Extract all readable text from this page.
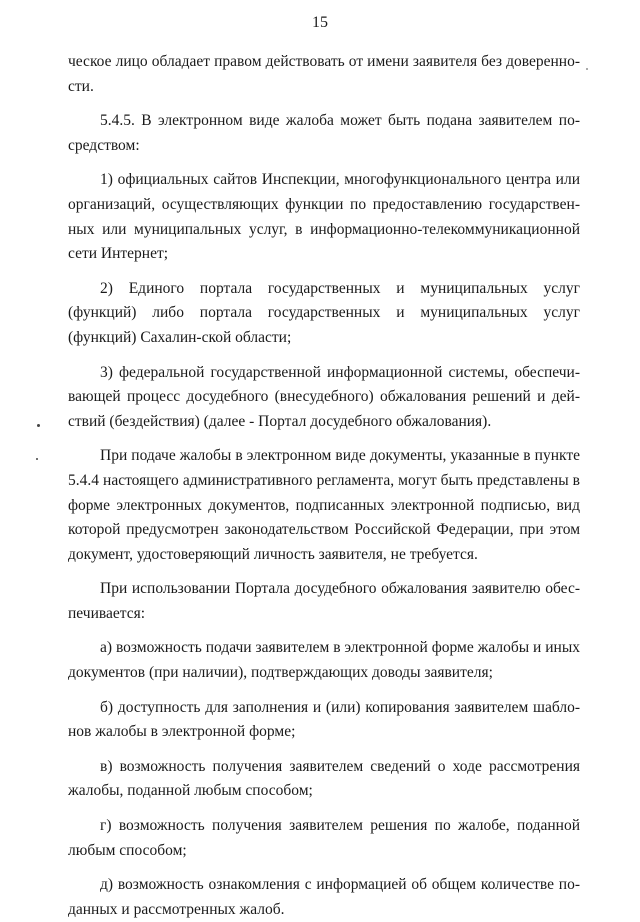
15

ческое лицо обладает правом действовать от имени заявителя без доверенно-сти.

5.4.5. В электронном виде жалоба может быть подана заявителем по-средством:

1) официальных сайтов Инспекции, многофункционального центра или организаций, осуществляющих функции по предоставлению государствен-ных или муниципальных услуг, в информационно-телекоммуникационной сети Интернет;

2) Единого портала государственных и муниципальных услуг (функций) либо портала государственных и муниципальных услуг (функций) Сахалин-ской области;

3) федеральной государственной информационной системы, обеспечи-вающей процесс досудебного (внесудебного) обжалования решений и дей-ствий (бездействия) (далее - Портал досудебного обжалования).

При подаче жалобы в электронном виде документы, указанные в пункте 5.4.4 настоящего административного регламента, могут быть представлены в форме электронных документов, подписанных электронной подписью, вид которой предусмотрен законодательством Российской Федерации, при этом документ, удостоверяющий личность заявителя, не требуется.

При использовании Портала досудебного обжалования заявителю обес-печивается:

а) возможность подачи заявителем в электронной форме жалобы и иных документов (при наличии), подтверждающих доводы заявителя;

б) доступность для заполнения и (или) копирования заявителем шабло-нов жалобы в электронной форме;

в) возможность получения заявителем сведений о ходе рассмотрения жалобы, поданной любым способом;

г) возможность получения заявителем решения по жалобе, поданной любым способом;

д) возможность ознакомления с информацией об общем количестве по-данных и рассмотренных жалоб.
